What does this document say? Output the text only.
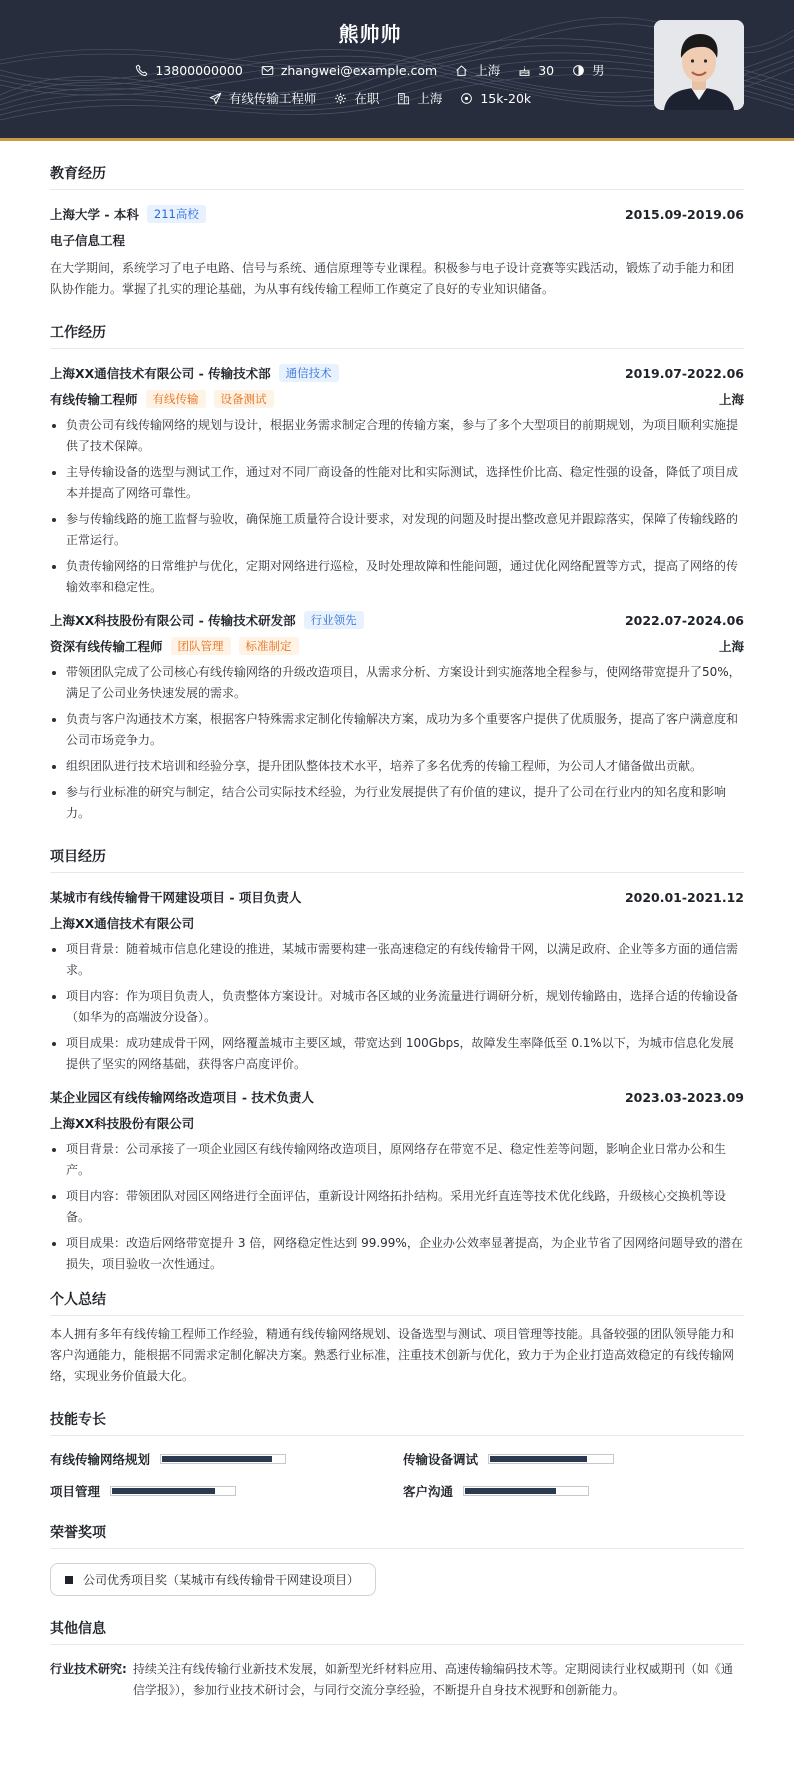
熊帅帅
13800000000	zhangwei@example.com	上海	30	男
有线传输工程师	在职	上海	15k-20k
教育经历
上海大学 - 本科	211高校	2015.09-2019.06
电子信息工程
在大学期间，系统学习了电子电路、信号与系统、通信原理等专业课程。积极参与电子设计竞赛等实践活动，锻炼了动手能力和团队协作能力。掌握了扎实的理论基础，为从事有线传输工程师工作奠定了良好的专业知识储备。
工作经历
上海XX通信技术有限公司 - 传输技术部	通信技术	2019.07-2022.06
有线传输工程师	有线传输	设备测试	上海
负责公司有线传输网络的规划与设计，根据业务需求制定合理的传输方案，参与了多个大型项目的前期规划，为项目顺利实施提供了技术保障。
主导传输设备的选型与测试工作，通过对不同厂商设备的性能对比和实际测试，选择性价比高、稳定性强的设备，降低了项目成本并提高了网络可靠性。
参与传输线路的施工监督与验收，确保施工质量符合设计要求，对发现的问题及时提出整改意见并跟踪落实，保障了传输线路的正常运行。
负责传输网络的日常维护与优化，定期对网络进行巡检，及时处理故障和性能问题，通过优化网络配置等方式，提高了网络的传输效率和稳定性。
上海XX科技股份有限公司 - 传输技术研发部	行业领先	2022.07-2024.06
资深有线传输工程师	团队管理	标准制定	上海
带领团队完成了公司核心有线传输网络的升级改造项目，从需求分析、方案设计到实施落地全程参与，使网络带宽提升了50%，满足了公司业务快速发展的需求。
负责与客户沟通技术方案，根据客户特殊需求定制化传输解决方案，成功为多个重要客户提供了优质服务，提高了客户满意度和公司市场竞争力。
组织团队进行技术培训和经验分享，提升团队整体技术水平，培养了多名优秀的传输工程师，为公司人才储备做出贡献。
参与行业标准的研究与制定，结合公司实际技术经验，为行业发展提供了有价值的建议，提升了公司在行业内的知名度和影响力。
项目经历
某城市有线传输骨干网建设项目 - 项目负责人	2020.01-2021.12
上海XX通信技术有限公司
项目背景：随着城市信息化建设的推进，某城市需要构建一张高速稳定的有线传输骨干网，以满足政府、企业等多方面的通信需求。
项目内容：作为项目负责人，负责整体方案设计。对城市各区域的业务流量进行调研分析，规划传输路由，选择合适的传输设备（如华为的高端波分设备）。
项目成果：成功建成骨干网，网络覆盖城市主要区域，带宽达到 100Gbps，故障发生率降低至 0.1%以下，为城市信息化发展提供了坚实的网络基础，获得客户高度评价。
某企业园区有线传输网络改造项目 - 技术负责人	2023.03-2023.09
上海XX科技股份有限公司
项目背景：公司承接了一项企业园区有线传输网络改造项目，原网络存在带宽不足、稳定性差等问题，影响企业日常办公和生产。
项目内容：带领团队对园区网络进行全面评估，重新设计网络拓扑结构。采用光纤直连等技术优化线路，升级核心交换机等设备。
项目成果：改造后网络带宽提升 3 倍，网络稳定性达到 99.99%，企业办公效率显著提高，为企业节省了因网络问题导致的潜在损失，项目验收一次性通过。
个人总结
本人拥有多年有线传输工程师工作经验，精通有线传输网络规划、设备选型与测试、项目管理等技能。具备较强的团队领导能力和客户沟通能力，能根据不同需求定制化解决方案。熟悉行业标准，注重技术创新与优化，致力于为企业打造高效稳定的有线传输网络，实现业务价值最大化。
技能专长
有线传输网络规划	传输设备调试
项目管理	客户沟通
荣誉奖项
公司优秀项目奖（某城市有线传输骨干网建设项目）
其他信息
行业技术研究: 持续关注有线传输行业新技术发展，如新型光纤材料应用、高速传输编码技术等。定期阅读行业权威期刊（如《通信学报》），参加行业技术研讨会，与同行交流分享经验，不断提升自身技术视野和创新能力。
